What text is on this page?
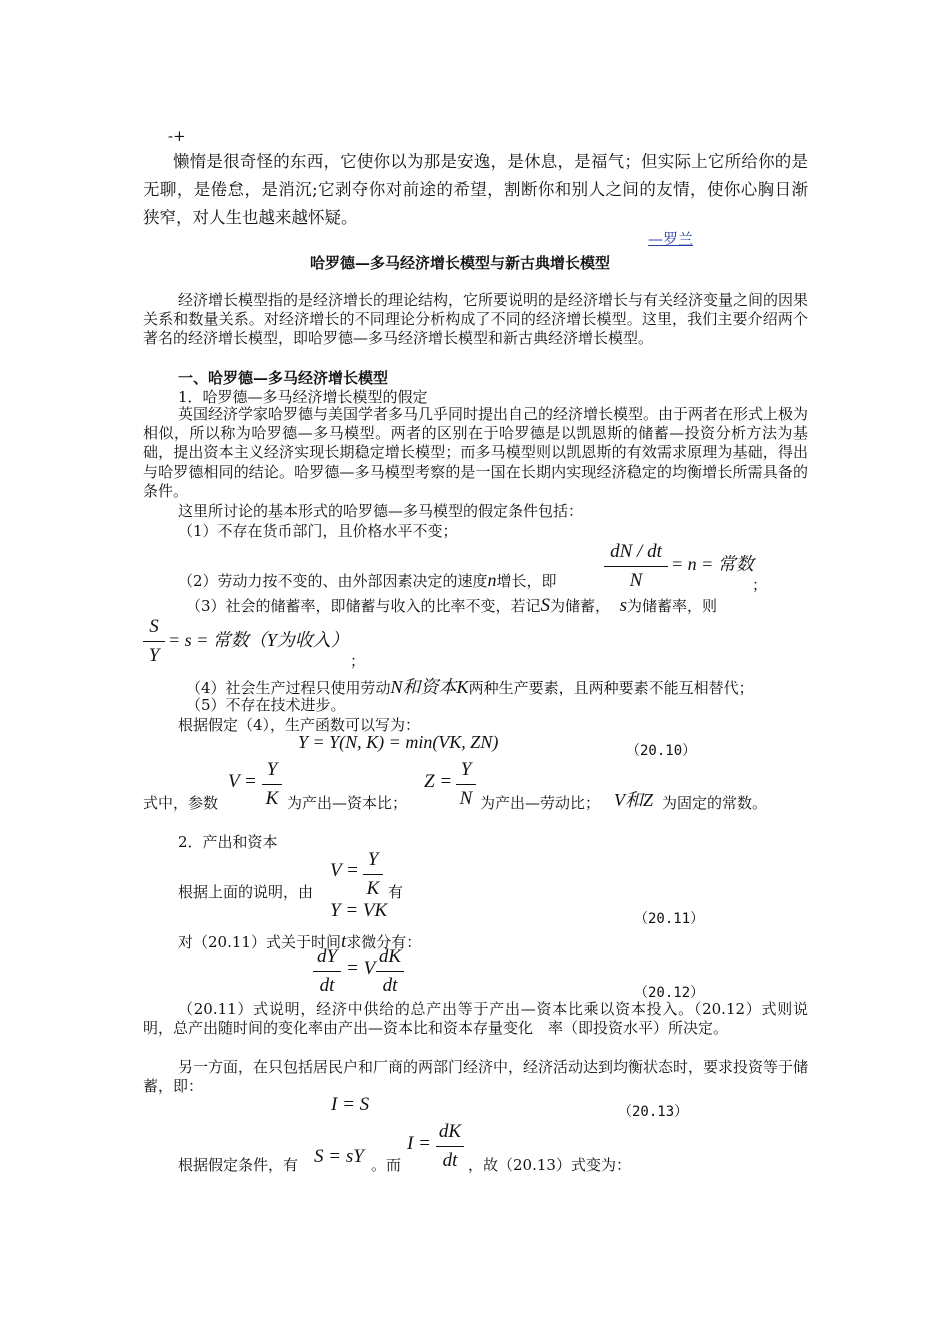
-+
懒惰是很奇怪的东西，它使你以为那是安逸，是休息，是福气；但实际上它所给你的是无聊，是倦怠，是消沉;它剥夺你对前途的希望，割断你和别人之间的友情，使你心胸日渐狭窄，对人生也越来越怀疑。
—罗兰
哈罗德—多马经济增长模型与新古典增长模型
经济增长模型指的是经济增长的理论结构，它所要说明的是经济增长与有关经济变量之间的因果关系和数量关系。对经济增长的不同理论分析构成了不同的经济增长模型。这里，我们主要介绍两个著名的经济增长模型，即哈罗德—多马经济增长模型和新古典经济增长模型。
一、哈罗德—多马经济增长模型
1．哈罗德—多马经济增长模型的假定
英国经济学家哈罗德与美国学者多马几乎同时提出自己的经济增长模型。由于两者在形式上极为相似，所以称为哈罗德—多马模型。两者的区别在于哈罗德是以凯恩斯的储蓄—投资分析方法为基础，提出资本主义经济实现长期稳定增长模型；而多马模型则以凯恩斯的有效需求原理为基础，得出与哈罗德相同的结论。哈罗德—多马模型考察的是一国在长期内实现经济稳定的均衡增长所需具备的条件。
这里所讨论的基本形式的哈罗德—多马模型的假定条件包括：
（1）不存在货币部门，且价格水平不变；
（2）劳动力按不变的、由外部因素决定的速度n增长，即
dN / dt
N
= n = 常数
；
（3）社会的储蓄率，即储蓄与收入的比率不变，若记S为储蓄， s为储蓄率，则
S
Y
= s = 常数（Y为收入）
；
（4）社会生产过程只使用劳动N和资本K两种生产要素，且两种要素不能互相替代；
（5）不存在技术进步。
根据假定（4），生产函数可以写为：
Y = Y(N, K) = min(VK, ZN)	（20.10）
式中，参数
V =
Y
K 为产出—资本比；
Z =
Y
N 为产出—劳动比； V和Z 为固定的常数。
2．产出和资本
根据上面的说明，由
V =
Y
K 有
Y = VK	（20.11）
对（20.11）式关于时间t求微分有：
dY
dt
= V
dK
dt	（20.12）
（20.11）式说明，经济中供给的总产出等于产出—资本比乘以资本投入。（20.12）式则说明，总产出随时间的变化率由产出—资本比和资本存量变化　率（即投资水平）所决定。
另一方面，在只包括居民户和厂商的两部门经济中，经济活动达到均衡状态时，要求投资等于储蓄，即：
I = S	（20.13）
根据假定条件，有 S = sY 。而
I =
dK
dt ，故（20.13）式变为：
